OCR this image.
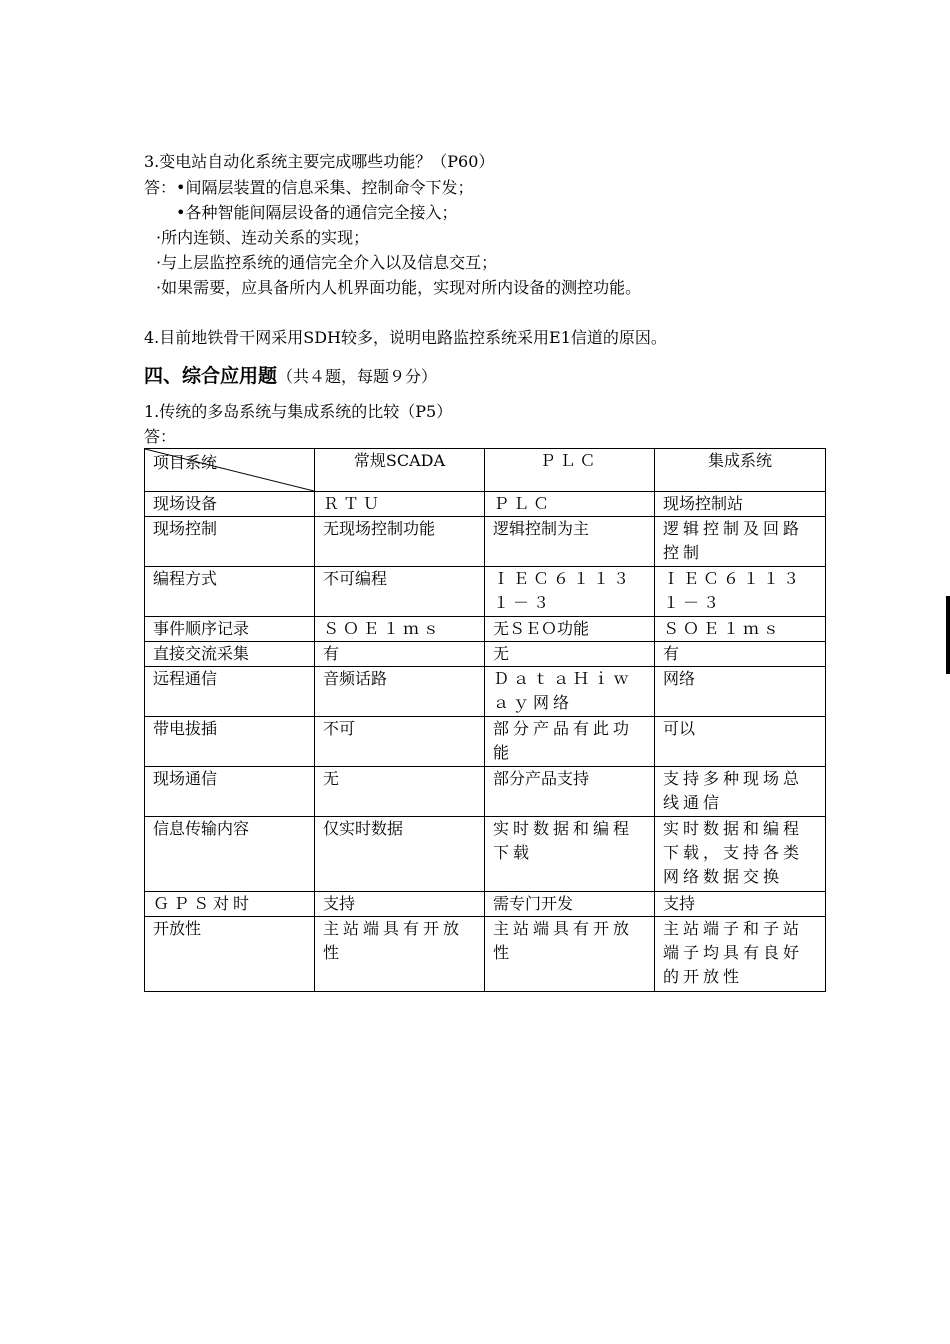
3.变电站自动化系统主要完成哪些功能？（P60）
答：•间隔层装置的信息采集、控制命令下发；
•各种智能间隔层设备的通信完全接入；
·所内连锁、连动关系的实现；
·与上层监控系统的通信完全介入以及信息交互；
·如果需要，应具备所内人机界面功能，实现对所内设备的测控功能。
4.目前地铁骨干网采用SDH较多，说明电路监控系统采用E1信道的原因。
四、综合应用题（共４题，每题９分）
1.传统的多岛系统与集成系统的比较（P5）
答：
项目系统	常规SCADA	ＰＬＣ	集成系统
现场设备	ＲＴＵ	ＰＬＣ	现场控制站
现场控制	无现场控制功能	逻辑控制为主	逻辑控制及回路控制
编程方式	不可编程	ＩＥＣ６１１３１－３	ＩＥＣ６１１３１－３
事件顺序记录	ＳＯＥ１ｍｓ	无ＳＥＯ功能	ＳＯＥ１ｍｓ
直接交流采集	有	无	有
远程通信	音频话路	ＤａｔａＨｉｗａｙ网络	网络
带电拔插	不可	部分产品有此功能	可以
现场通信	无	部分产品支持	支持多种现场总线通信
信息传输内容	仅实时数据	实时数据和编程下载	实时数据和编程下载，支持各类网络数据交换
ＧＰＳ对时	支持	需专门开发	支持
开放性	主站端具有开放性	主站端具有开放性	主站端子和子站端子均具有良好的开放性
